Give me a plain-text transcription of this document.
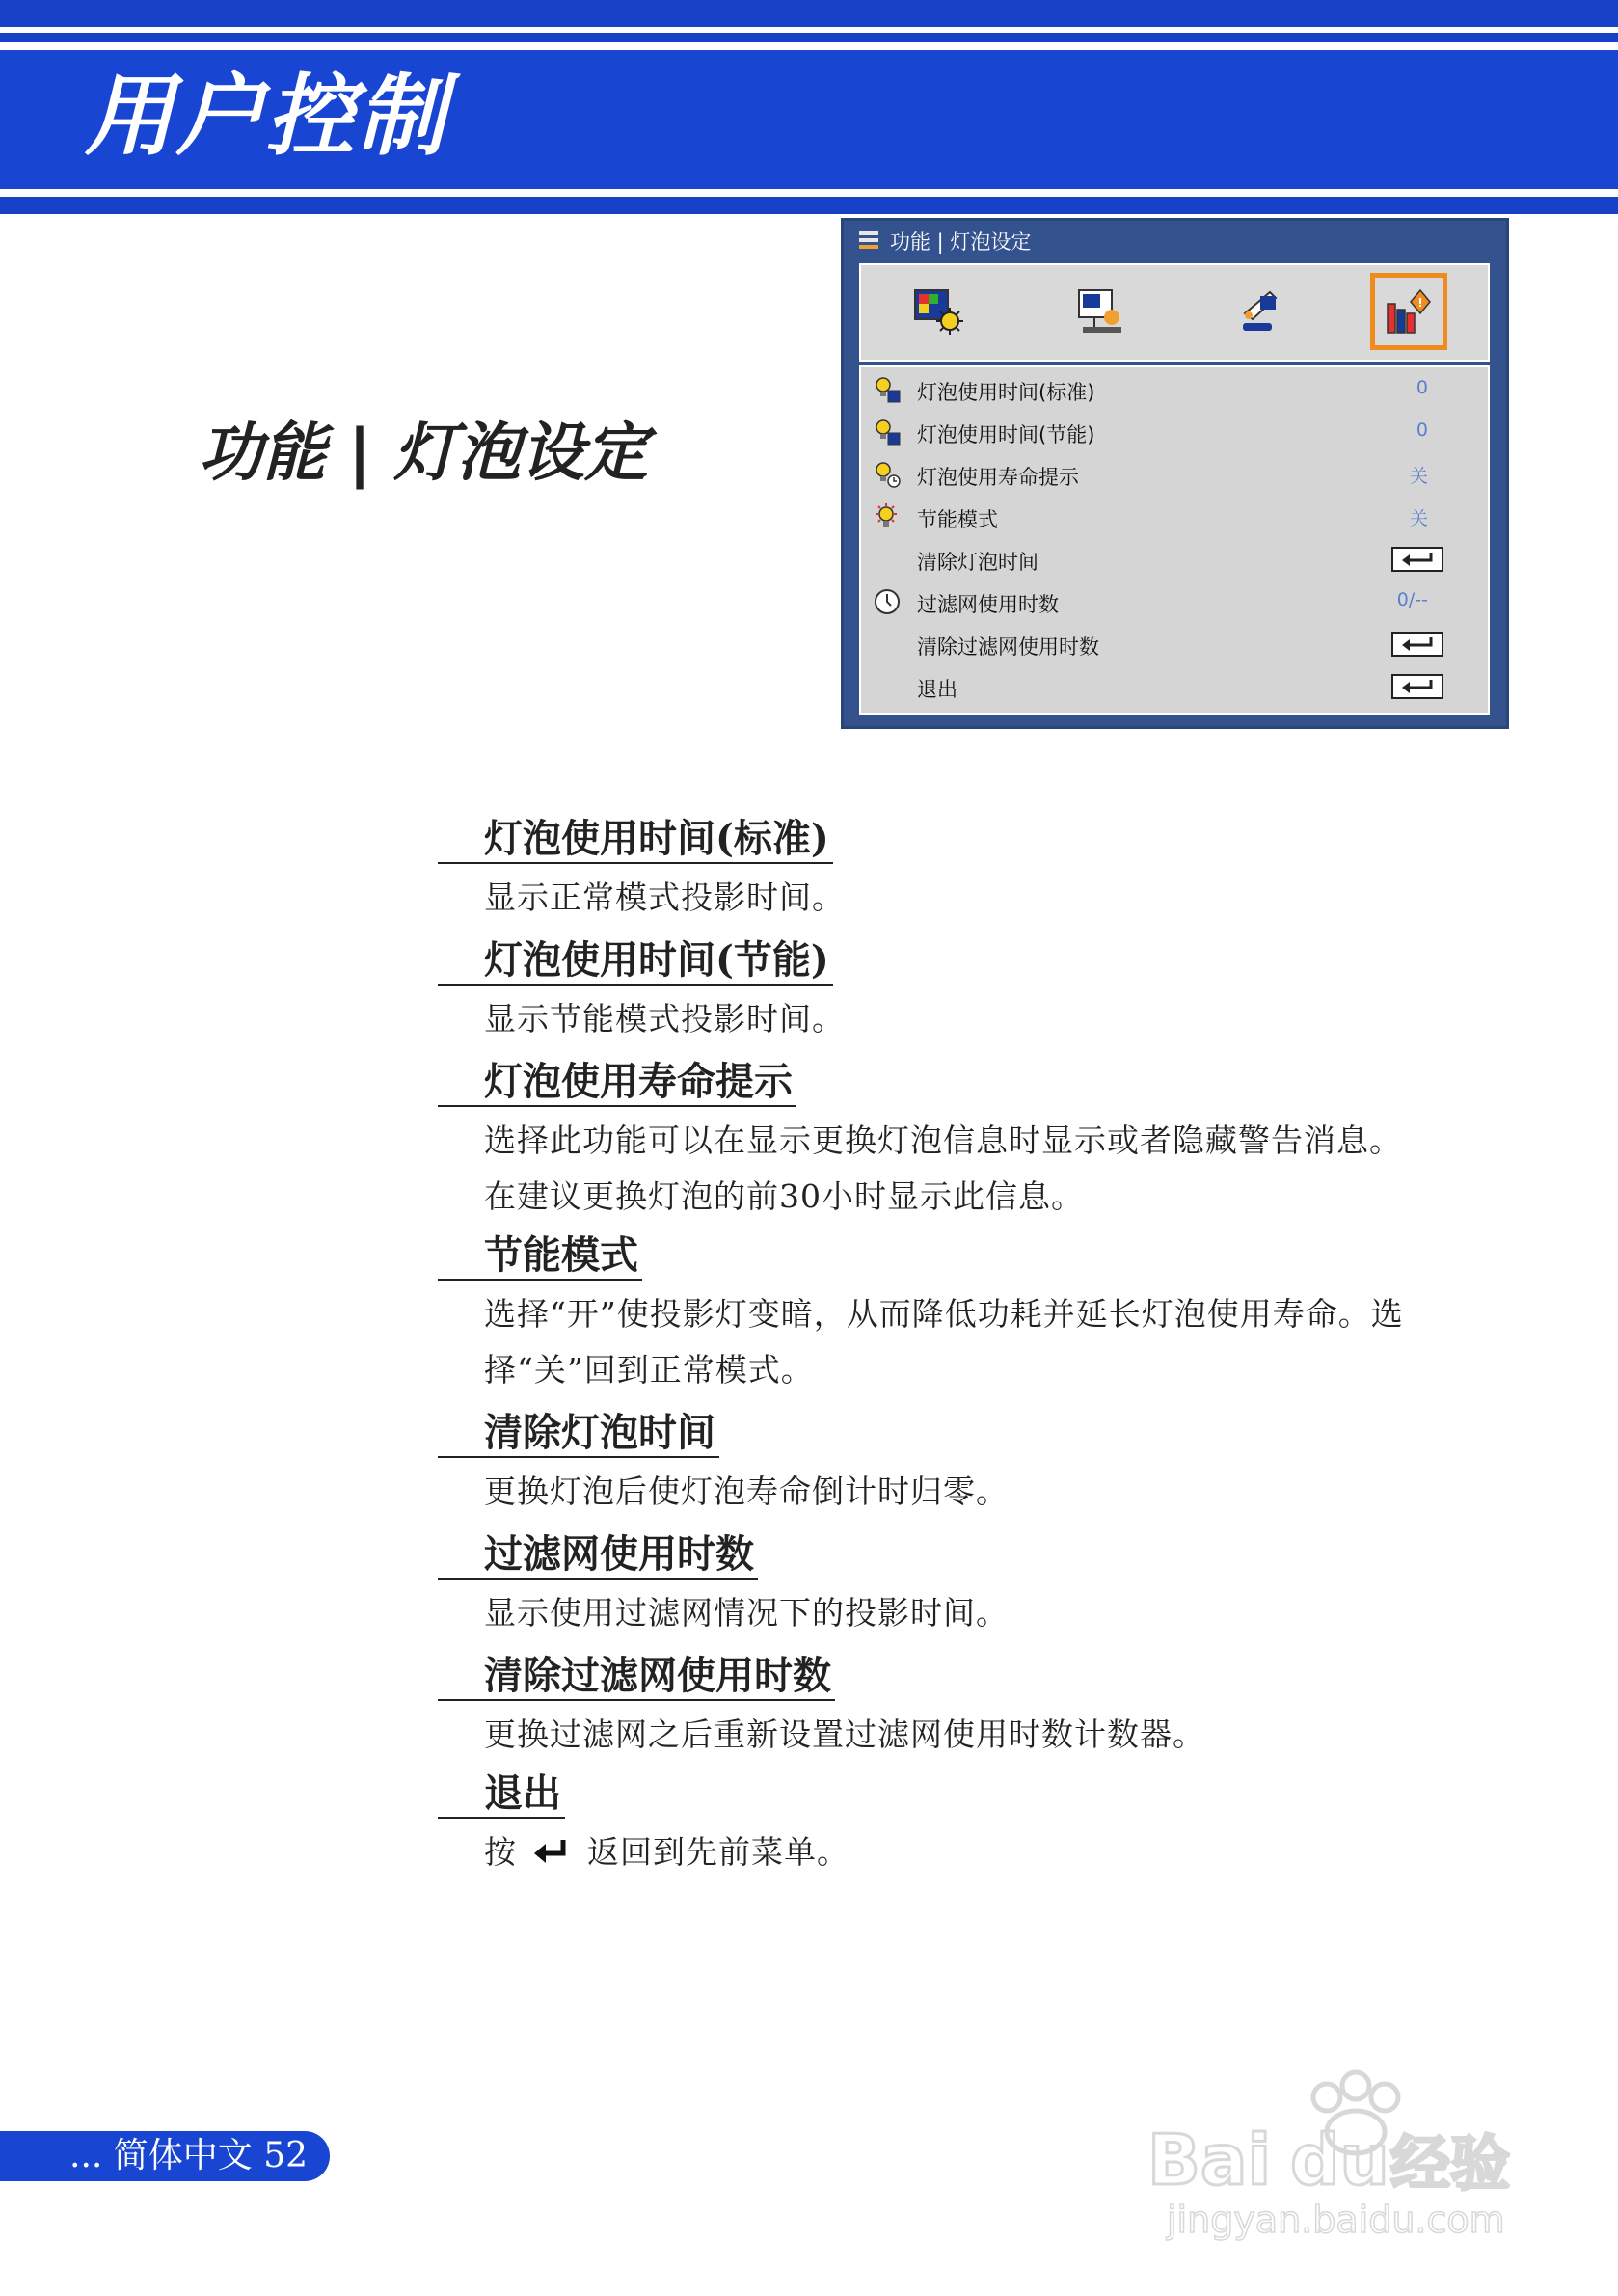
用户控制
功能 | 灯泡设定
功能 | 灯泡设定
!
灯泡使用时间(标准)	0
灯泡使用时间(节能)	0
灯泡使用寿命提示	关
节能模式	关
清除灯泡时间
过滤网使用时数	0/--
清除过滤网使用时数
退出
灯泡使用时间(标准)
显示正常模式投影时间。
灯泡使用时间(节能)
显示节能模式投影时间。
灯泡使用寿命提示
选择此功能可以在显示更换灯泡信息时显示或者隐藏警告消息。
在建议更换灯泡的前30小时显示此信息。
节能模式
选择“开”使投影灯变暗，从而降低功耗并延长灯泡使用寿命。选
择“关”回到正常模式。
清除灯泡时间
更换灯泡后使灯泡寿命倒计时归零。
过滤网使用时数
显示使用过滤网情况下的投影时间。
清除过滤网使用时数
更换过滤网之后重新设置过滤网使用时数计数器。
退出
按 返回到先前菜单。
... 简体中文 52	Bai du 经验
jingyan.baidu.com
